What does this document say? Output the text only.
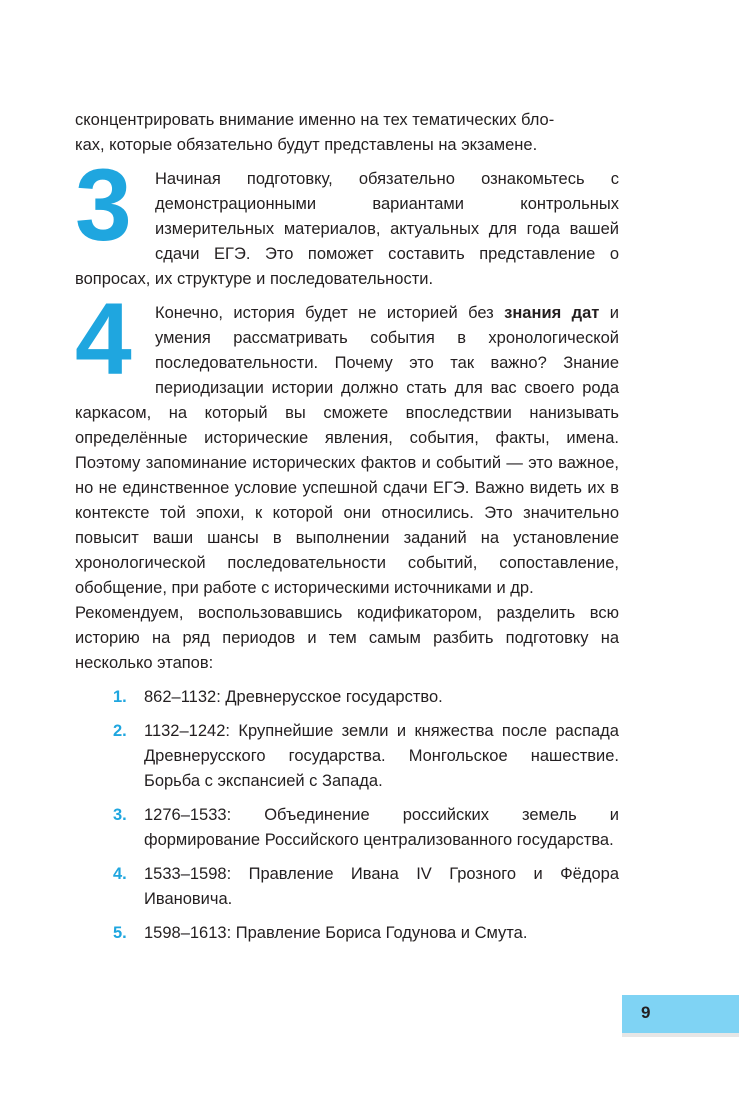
сконцентрировать внимание именно на тех тематических бло-
ках, которые обязательно будут представлены на экзамене.

3	Начиная подготовку, обязательно ознакомьтесь с демонстрационными вариантами контрольных измерительных материалов, актуальных для года вашей сдачи ЕГЭ. Это поможет составить представление о вопросах, их структуре и последовательности.

4	Конечно, история будет не историей без знания дат и умения рассматривать события в хронологической последовательности. Почему это так важно? Знание периодизации истории должно стать для вас своего рода каркасом, на который вы сможете впоследствии нанизывать определённые исторические явления, события, факты, имена. Поэтому запоминание исторических фактов и событий — это важное, но не единственное условие успешной сдачи ЕГЭ. Важно видеть их в контексте той эпохи, к которой они относились. Это значительно повысит ваши шансы в выполнении заданий на установление хронологической последовательности событий, сопоставление, обобщение, при работе с историческими источниками и др.

Рекомендуем, воспользовавшись кодификатором, разделить всю историю на ряд периодов и тем самым разбить подготовку на несколько этапов:

1. 862–1132: Древнерусское государство.
2. 1132–1242: Крупнейшие земли и княжества после распада Древнерусского государства. Монгольское нашествие. Борьба с экспансией с Запада.
3. 1276–1533: Объединение российских земель и формирование Российского централизованного государства.
4. 1533–1598: Правление Ивана IV Грозного и Фёдора Ивановича.
5. 1598–1613: Правление Бориса Годунова и Смута.
9
